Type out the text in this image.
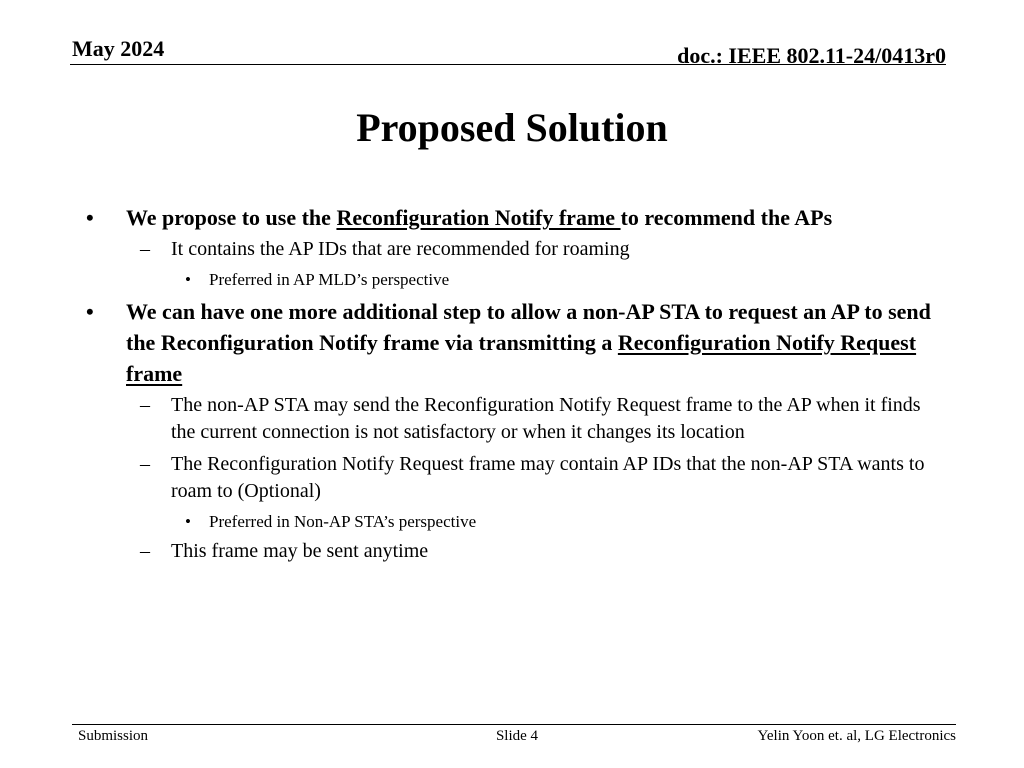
May 2024	doc.: IEEE 802.11-24/0413r0
Proposed Solution
• We propose to use the Reconfiguration Notify frame to recommend the APs
– It contains the AP IDs that are recommended for roaming
• Preferred in AP MLD’s perspective
• We can have one more additional step to allow a non-AP STA to request an AP to send the Reconfiguration Notify frame via transmitting a Reconfiguration Notify Request frame
– The non-AP STA may send the Reconfiguration Notify Request frame to the AP when it finds the current connection is not satisfactory or when it changes its location
– The Reconfiguration Notify Request frame may contain AP IDs that the non-AP STA wants to roam to (Optional)
• Preferred in Non-AP STA’s perspective
– This frame may be sent anytime
Submission	Slide 4	Yelin Yoon et. al, LG Electronics
